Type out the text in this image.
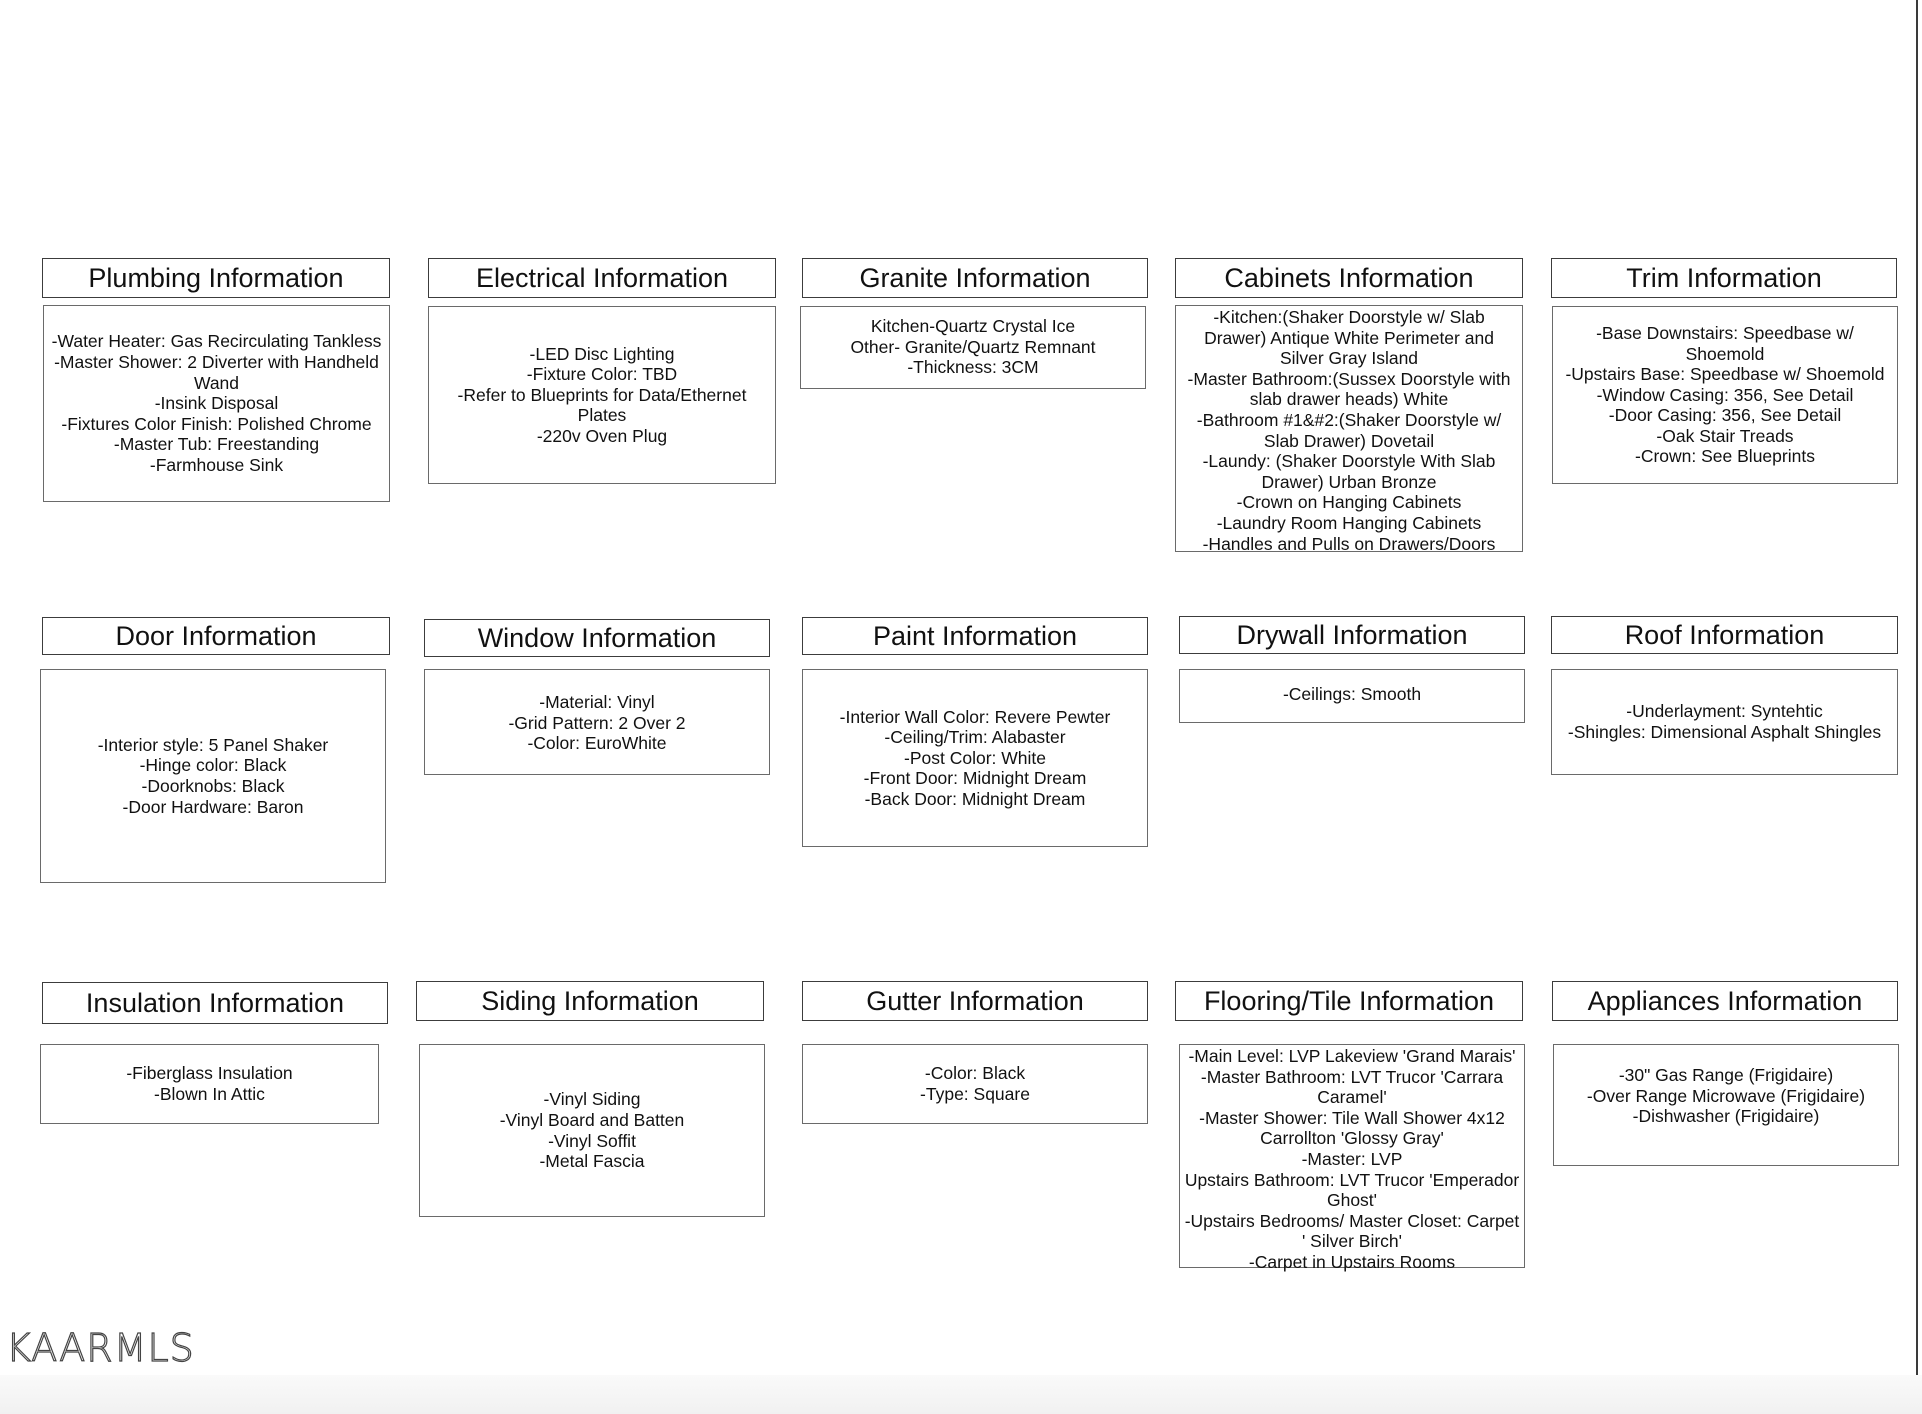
Plumbing Information
-Water Heater: Gas Recirculating Tankless
-Master Shower: 2 Diverter with Handheld
Wand
-Insink Disposal
-Fixtures Color Finish: Polished Chrome
-Master Tub: Freestanding
-Farmhouse Sink
Electrical Information
-LED Disc Lighting
-Fixture Color: TBD
-Refer to Blueprints for Data/Ethernet
Plates
-220v Oven Plug
Granite Information
Kitchen-Quartz Crystal Ice
Other- Granite/Quartz Remnant
-Thickness: 3CM
Cabinets Information
-Kitchen:(Shaker Doorstyle w/ Slab
Drawer) Antique White Perimeter and
Silver Gray Island
-Master Bathroom:(Sussex Doorstyle with
slab drawer heads) White
-Bathroom #1&#2:(Shaker Doorstyle w/
Slab Drawer) Dovetail
-Laundy: (Shaker Doorstyle With Slab
Drawer) Urban Bronze
-Crown on Hanging Cabinets
-Laundry Room Hanging Cabinets
-Handles and Pulls on Drawers/Doors
Trim Information
-Base Downstairs: Speedbase w/
Shoemold
-Upstairs Base: Speedbase w/ Shoemold
-Window Casing: 356, See Detail
-Door Casing: 356, See Detail
-Oak Stair Treads
-Crown: See Blueprints
Door Information
-Interior style: 5 Panel Shaker
-Hinge color: Black
-Doorknobs: Black
-Door Hardware: Baron
Window Information
-Material: Vinyl
-Grid Pattern: 2 Over 2
-Color: EuroWhite
Paint Information
-Interior Wall Color: Revere Pewter
-Ceiling/Trim: Alabaster
-Post Color: White
-Front Door: Midnight Dream
-Back Door: Midnight Dream
Drywall Information
-Ceilings: Smooth
Roof Information
-Underlayment: Syntehtic
-Shingles: Dimensional Asphalt Shingles
Insulation Information
-Fiberglass Insulation
-Blown In Attic
Siding Information
-Vinyl Siding
-Vinyl Board and Batten
-Vinyl Soffit
-Metal Fascia
Gutter Information
-Color: Black
-Type: Square
Flooring/Tile Information
-Main Level: LVP Lakeview 'Grand Marais'
-Master Bathroom: LVT Trucor 'Carrara
Caramel'
-Master Shower: Tile Wall Shower 4x12
Carrollton 'Glossy Gray'
-Master: LVP
Upstairs Bathroom: LVT Trucor 'Emperador
Ghost'
-Upstairs Bedrooms/ Master Closet: Carpet
' Silver Birch'
-Carpet in Upstairs Rooms
Appliances Information
-30" Gas Range (Frigidaire)
-Over Range Microwave (Frigidaire)
-Dishwasher (Frigidaire)
KAARMLS
